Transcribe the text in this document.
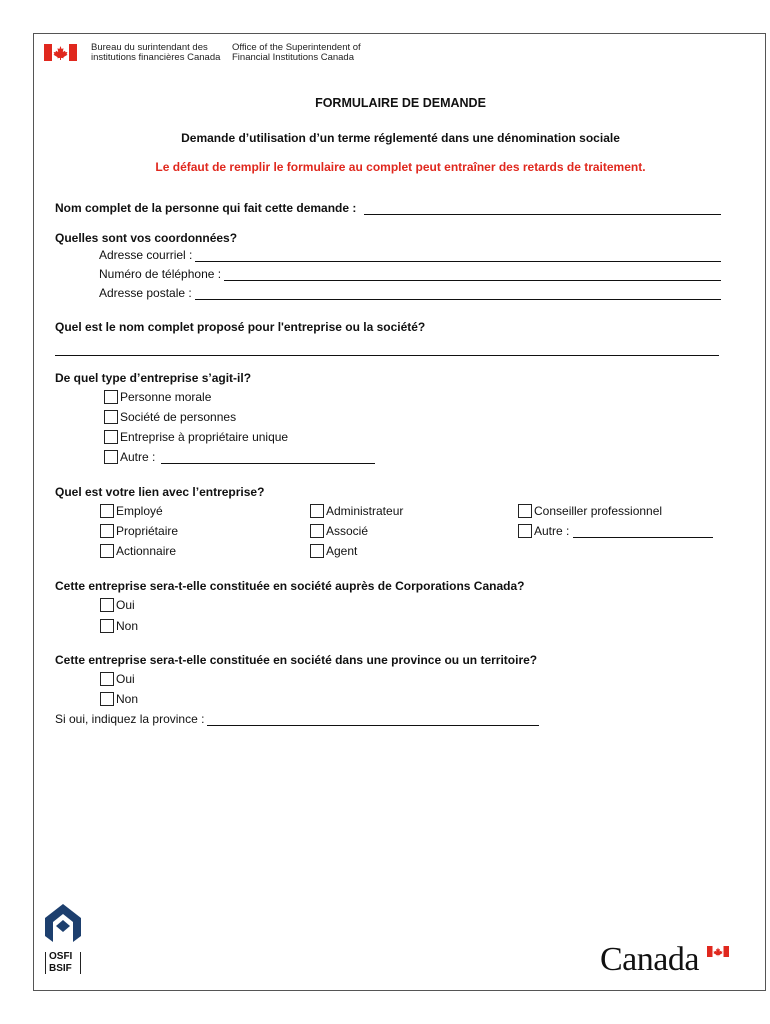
Bureau du surintendant des
institutions financières Canada
Office of the Superintendent of
Financial Institutions Canada
FORMULAIRE DE DEMANDE
Demande d’utilisation d’un terme réglementé dans une dénomination sociale
Le défaut de remplir le formulaire au complet peut entraîner des retards de traitement.
Nom complet de la personne qui fait cette demande :
Quelles sont vos coordonnées?
Adresse courriel :
Numéro de téléphone :
Adresse postale :
Quel est le nom complet proposé pour l'entreprise ou la société?
De quel type d’entreprise s’agit-il?
Personne morale
Société de personnes
Entreprise à propriétaire unique
Autre :
Quel est votre lien avec l’entreprise?
Employé
Propriétaire
Actionnaire
Administrateur
Associé
Agent
Conseiller professionnel
Autre :
Cette entreprise sera-t-elle constituée en société auprès de Corporations Canada?
Oui
Non
Cette entreprise sera-t-elle constituée en société dans une province ou un territoire?
Oui
Non
Si oui, indiquez la province :
OSFI
BSIF	Canada
